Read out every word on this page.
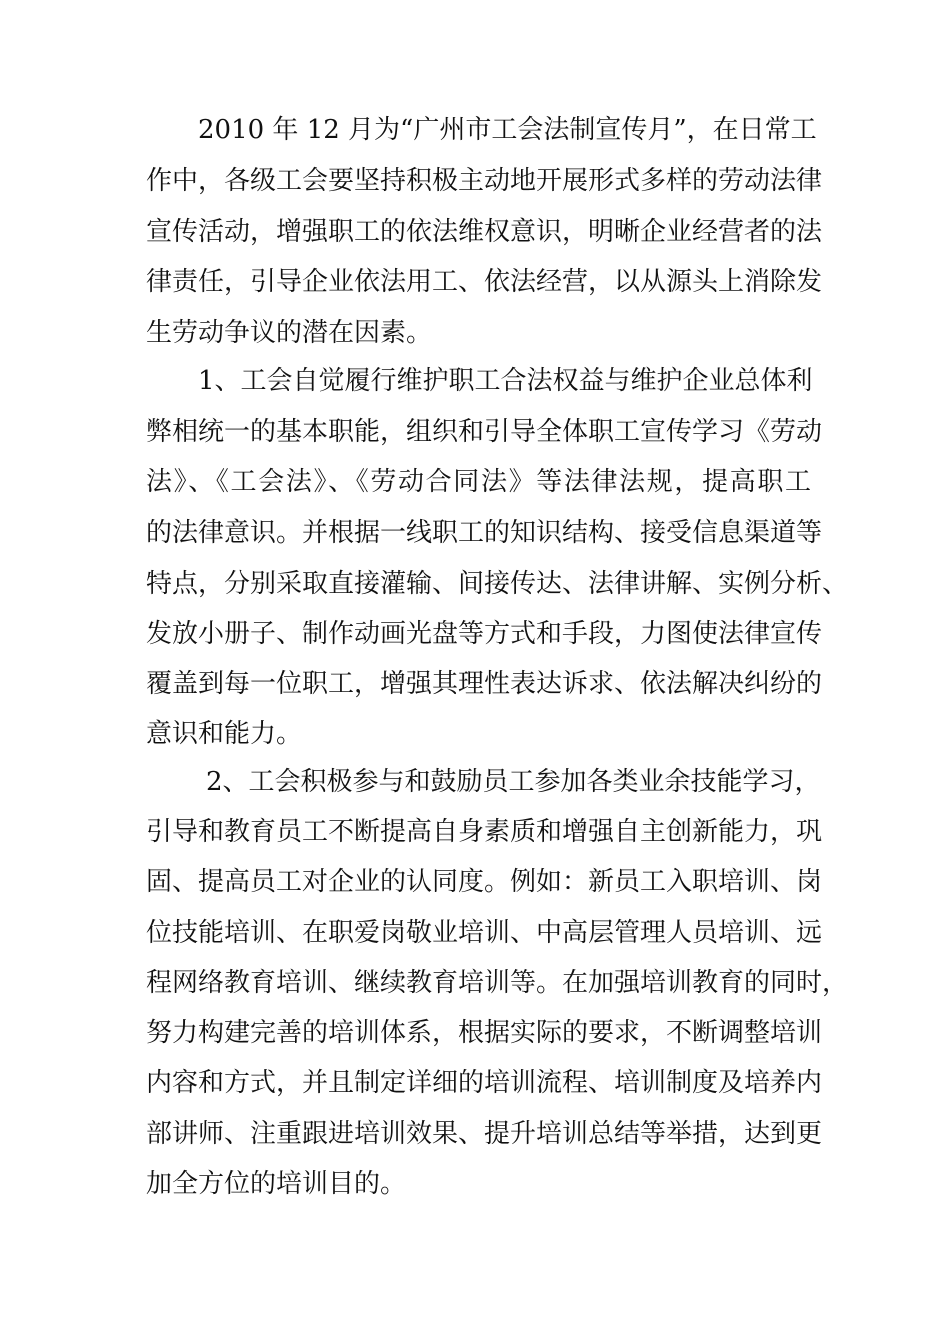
2010 年 12 月为“广州市工会法制宣传月”，在日常工
作中，各级工会要坚持积极主动地开展形式多样的劳动法律
宣传活动，增强职工的依法维权意识，明晰企业经营者的法
律责任，引导企业依法用工、依法经营，以从源头上消除发
生劳动争议的潜在因素。
1、工会自觉履行维护职工合法权益与维护企业总体利
弊相统一的基本职能，组织和引导全体职工宣传学习《劳动
法》、《工会法》、《劳动合同法》等法律法规，提高职工
的法律意识。并根据一线职工的知识结构、接受信息渠道等
特点，分别采取直接灌输、间接传达、法律讲解、实例分析、
发放小册子、制作动画光盘等方式和手段，力图使法律宣传
覆盖到每一位职工，增强其理性表达诉求、依法解决纠纷的
意识和能力。
2、工会积极参与和鼓励员工参加各类业余技能学习，
引导和教育员工不断提高自身素质和增强自主创新能力，巩
固、提高员工对企业的认同度。例如：新员工入职培训、岗
位技能培训、在职爱岗敬业培训、中高层管理人员培训、远
程网络教育培训、继续教育培训等。在加强培训教育的同时，
努力构建完善的培训体系，根据实际的要求，不断调整培训
内容和方式，并且制定详细的培训流程、培训制度及培养内
部讲师、注重跟进培训效果、提升培训总结等举措，达到更
加全方位的培训目的。
